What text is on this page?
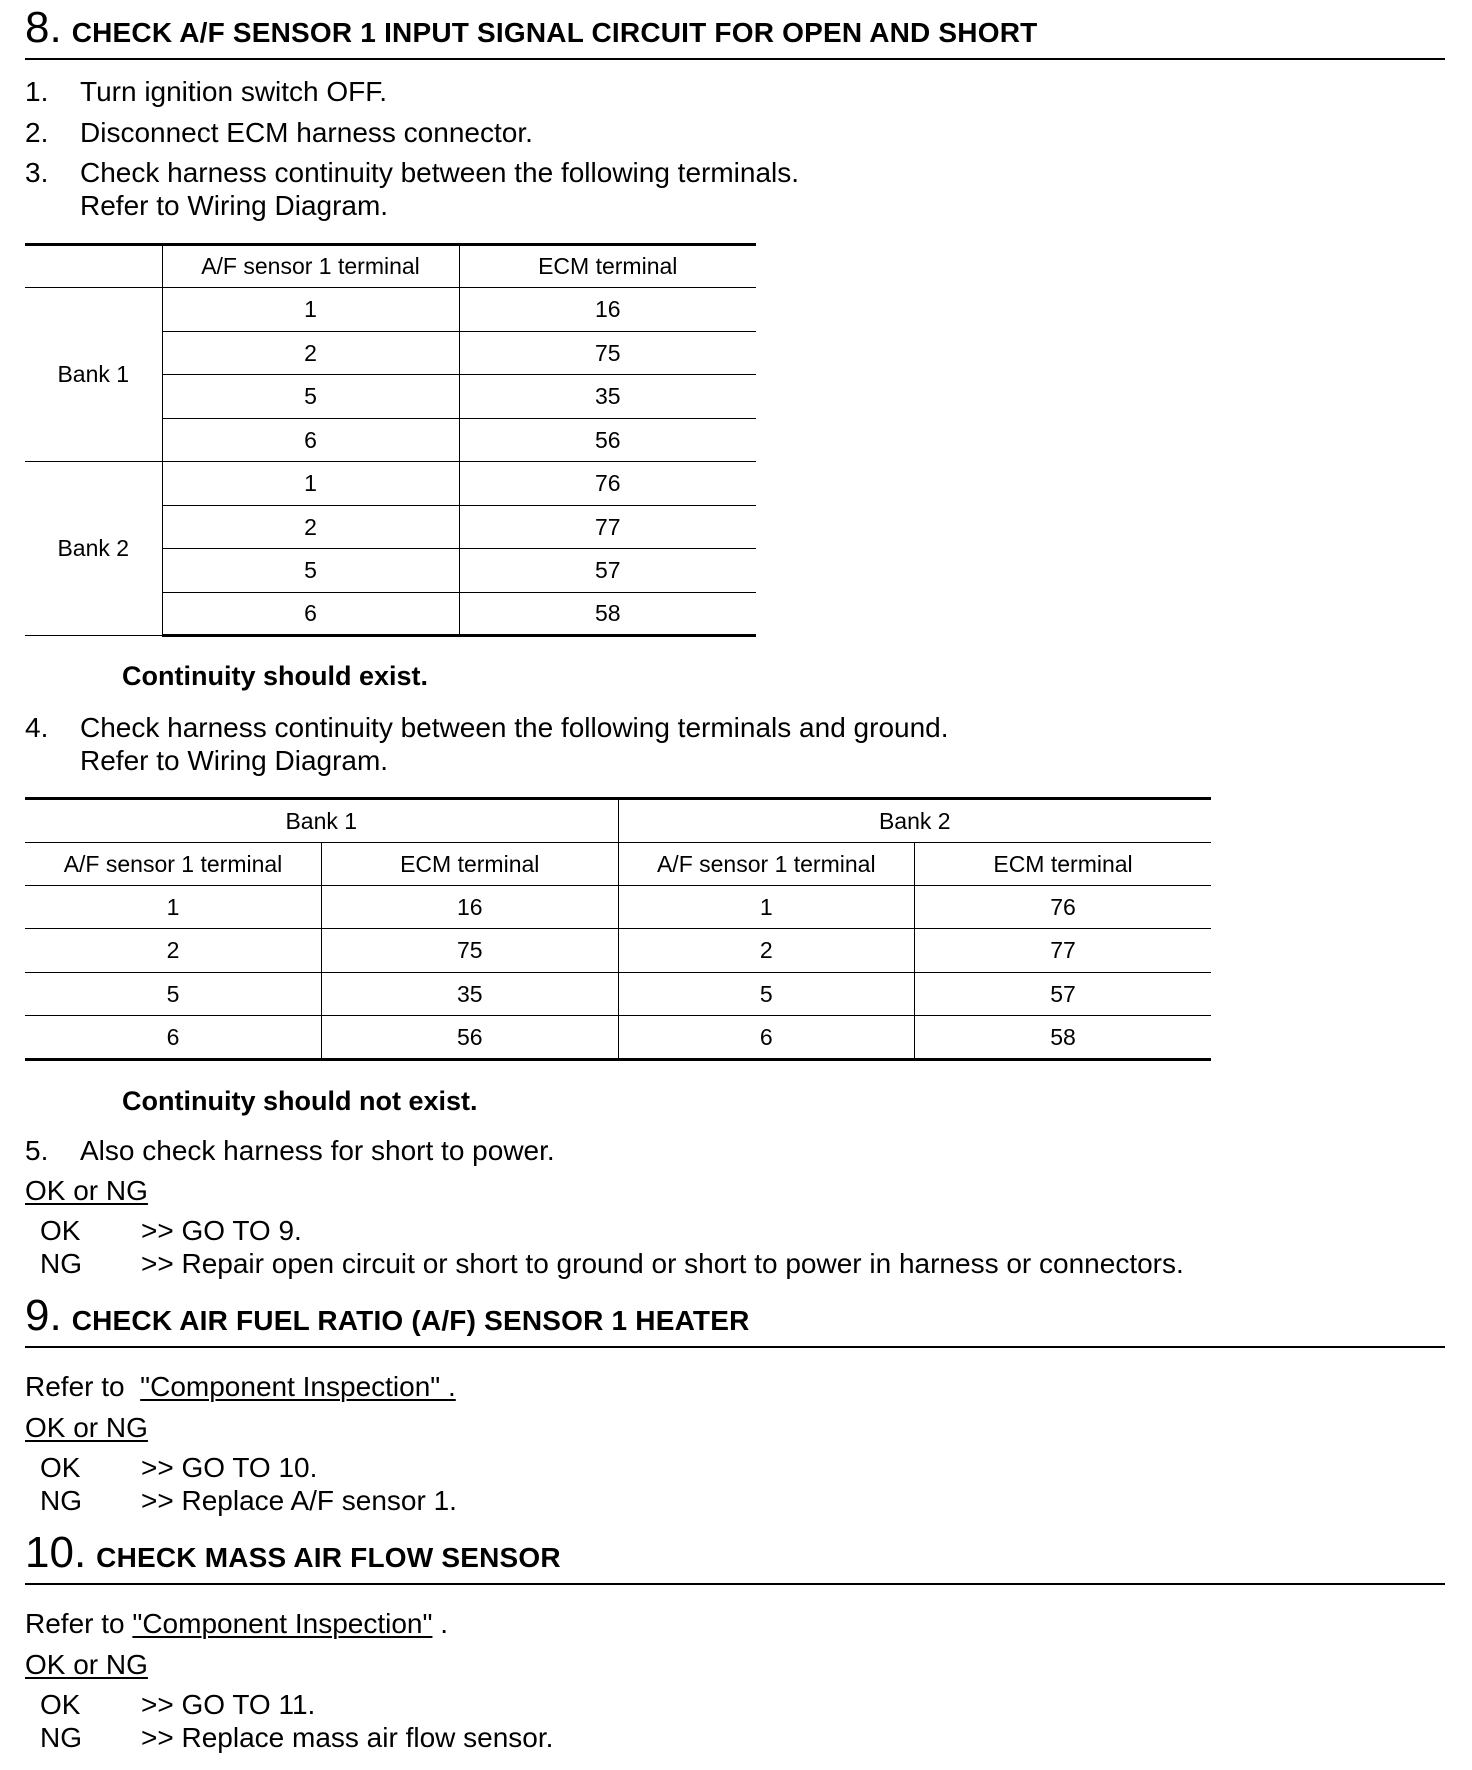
8. CHECK A/F SENSOR 1 INPUT SIGNAL CIRCUIT FOR OPEN AND SHORT
1. Turn ignition switch OFF.
2. Disconnect ECM harness connector.
3. Check harness continuity between the following terminals.
Refer to Wiring Diagram.
	A/F sensor 1 terminal	ECM terminal
Bank 1	1	16
	2	75
	5	35
	6	56
Bank 2	1	76
	2	77
	5	57
	6	58
Continuity should exist.
4. Check harness continuity between the following terminals and ground.
Refer to Wiring Diagram.
Bank 1		Bank 2	
A/F sensor 1 terminal	ECM terminal	A/F sensor 1 terminal	ECM terminal
1	16	1	76
2	75	2	77
5	35	5	57
6	56	6	58
Continuity should not exist.
5. Also check harness for short to power.
OK or NG
OK >> GO TO 9.
NG >> Repair open circuit or short to ground or short to power in harness or connectors.
9. CHECK AIR FUEL RATIO (A/F) SENSOR 1 HEATER
Refer to  "Component Inspection" .
OK or NG
OK >> GO TO 10.
NG >> Replace A/F sensor 1.
10. CHECK MASS AIR FLOW SENSOR
Refer to "Component Inspection" .
OK or NG
OK >> GO TO 11.
NG >> Replace mass air flow sensor.
